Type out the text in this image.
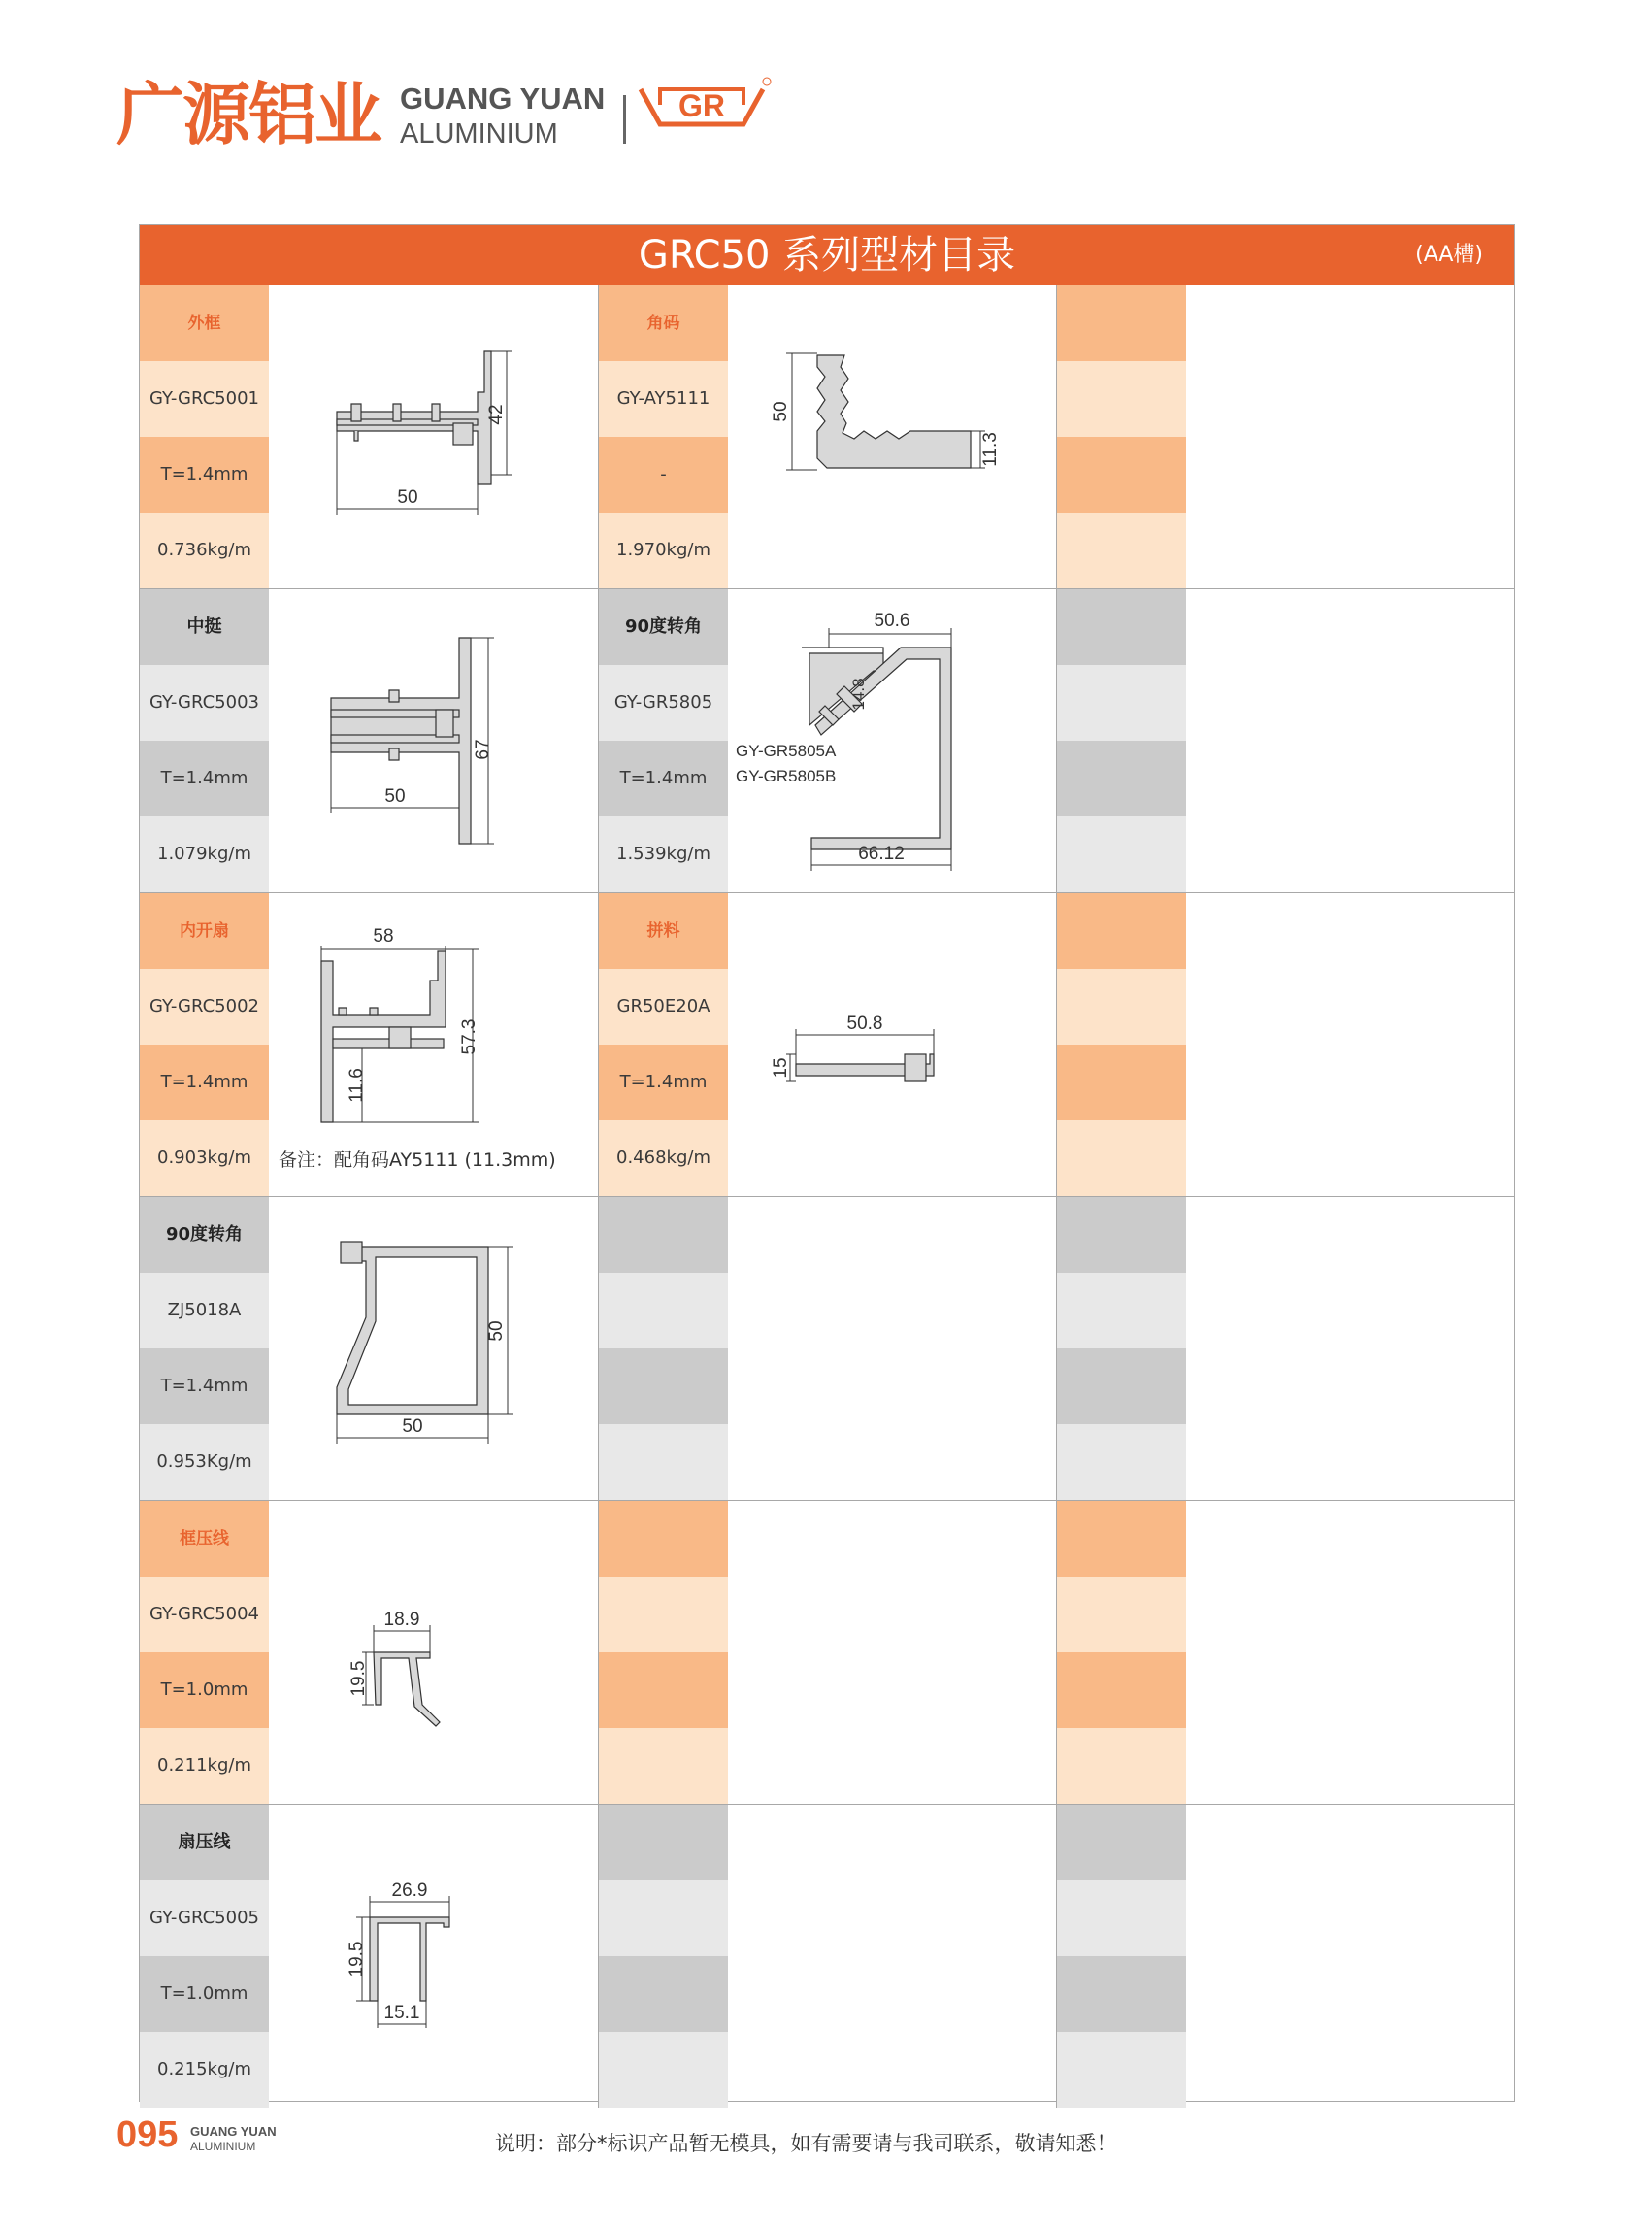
广源铝业 GUANG YUAN
ALUMINIUM
GR
GRC50 系列型材目录	(AA槽)
外框
GY-GRC5001
T=1.4mm
0.736kg/m
42
50
角码
GY-AY5111
-
1.970kg/m
50
11.3
中挺
GY-GRC5003
T=1.4mm
1.079kg/m
67
50
90度转角
GY-GR5805
T=1.4mm
1.539kg/m
50.6
14.8
66.12
GY-GR5805A
GY-GR5805B
内开扇
GY-GRC5002
T=1.4mm
0.903kg/m
58
57.3
11.6
备注：配角码AY5111 (11.3mm)
拼料
GR50E20A
T=1.4mm
0.468kg/m
50.8
15
90度转角
ZJ5018A
T=1.4mm
0.953Kg/m
50
50
框压线
GY-GRC5004
T=1.0mm
0.211kg/m
18.9
19.5
扇压线
GY-GRC5005
T=1.0mm
0.215kg/m
26.9
19.5
15.1
095 GUANG YUAN
ALUMINIUM	说明：部分*标识产品暂无模具，如有需要请与我司联系，敬请知悉！
